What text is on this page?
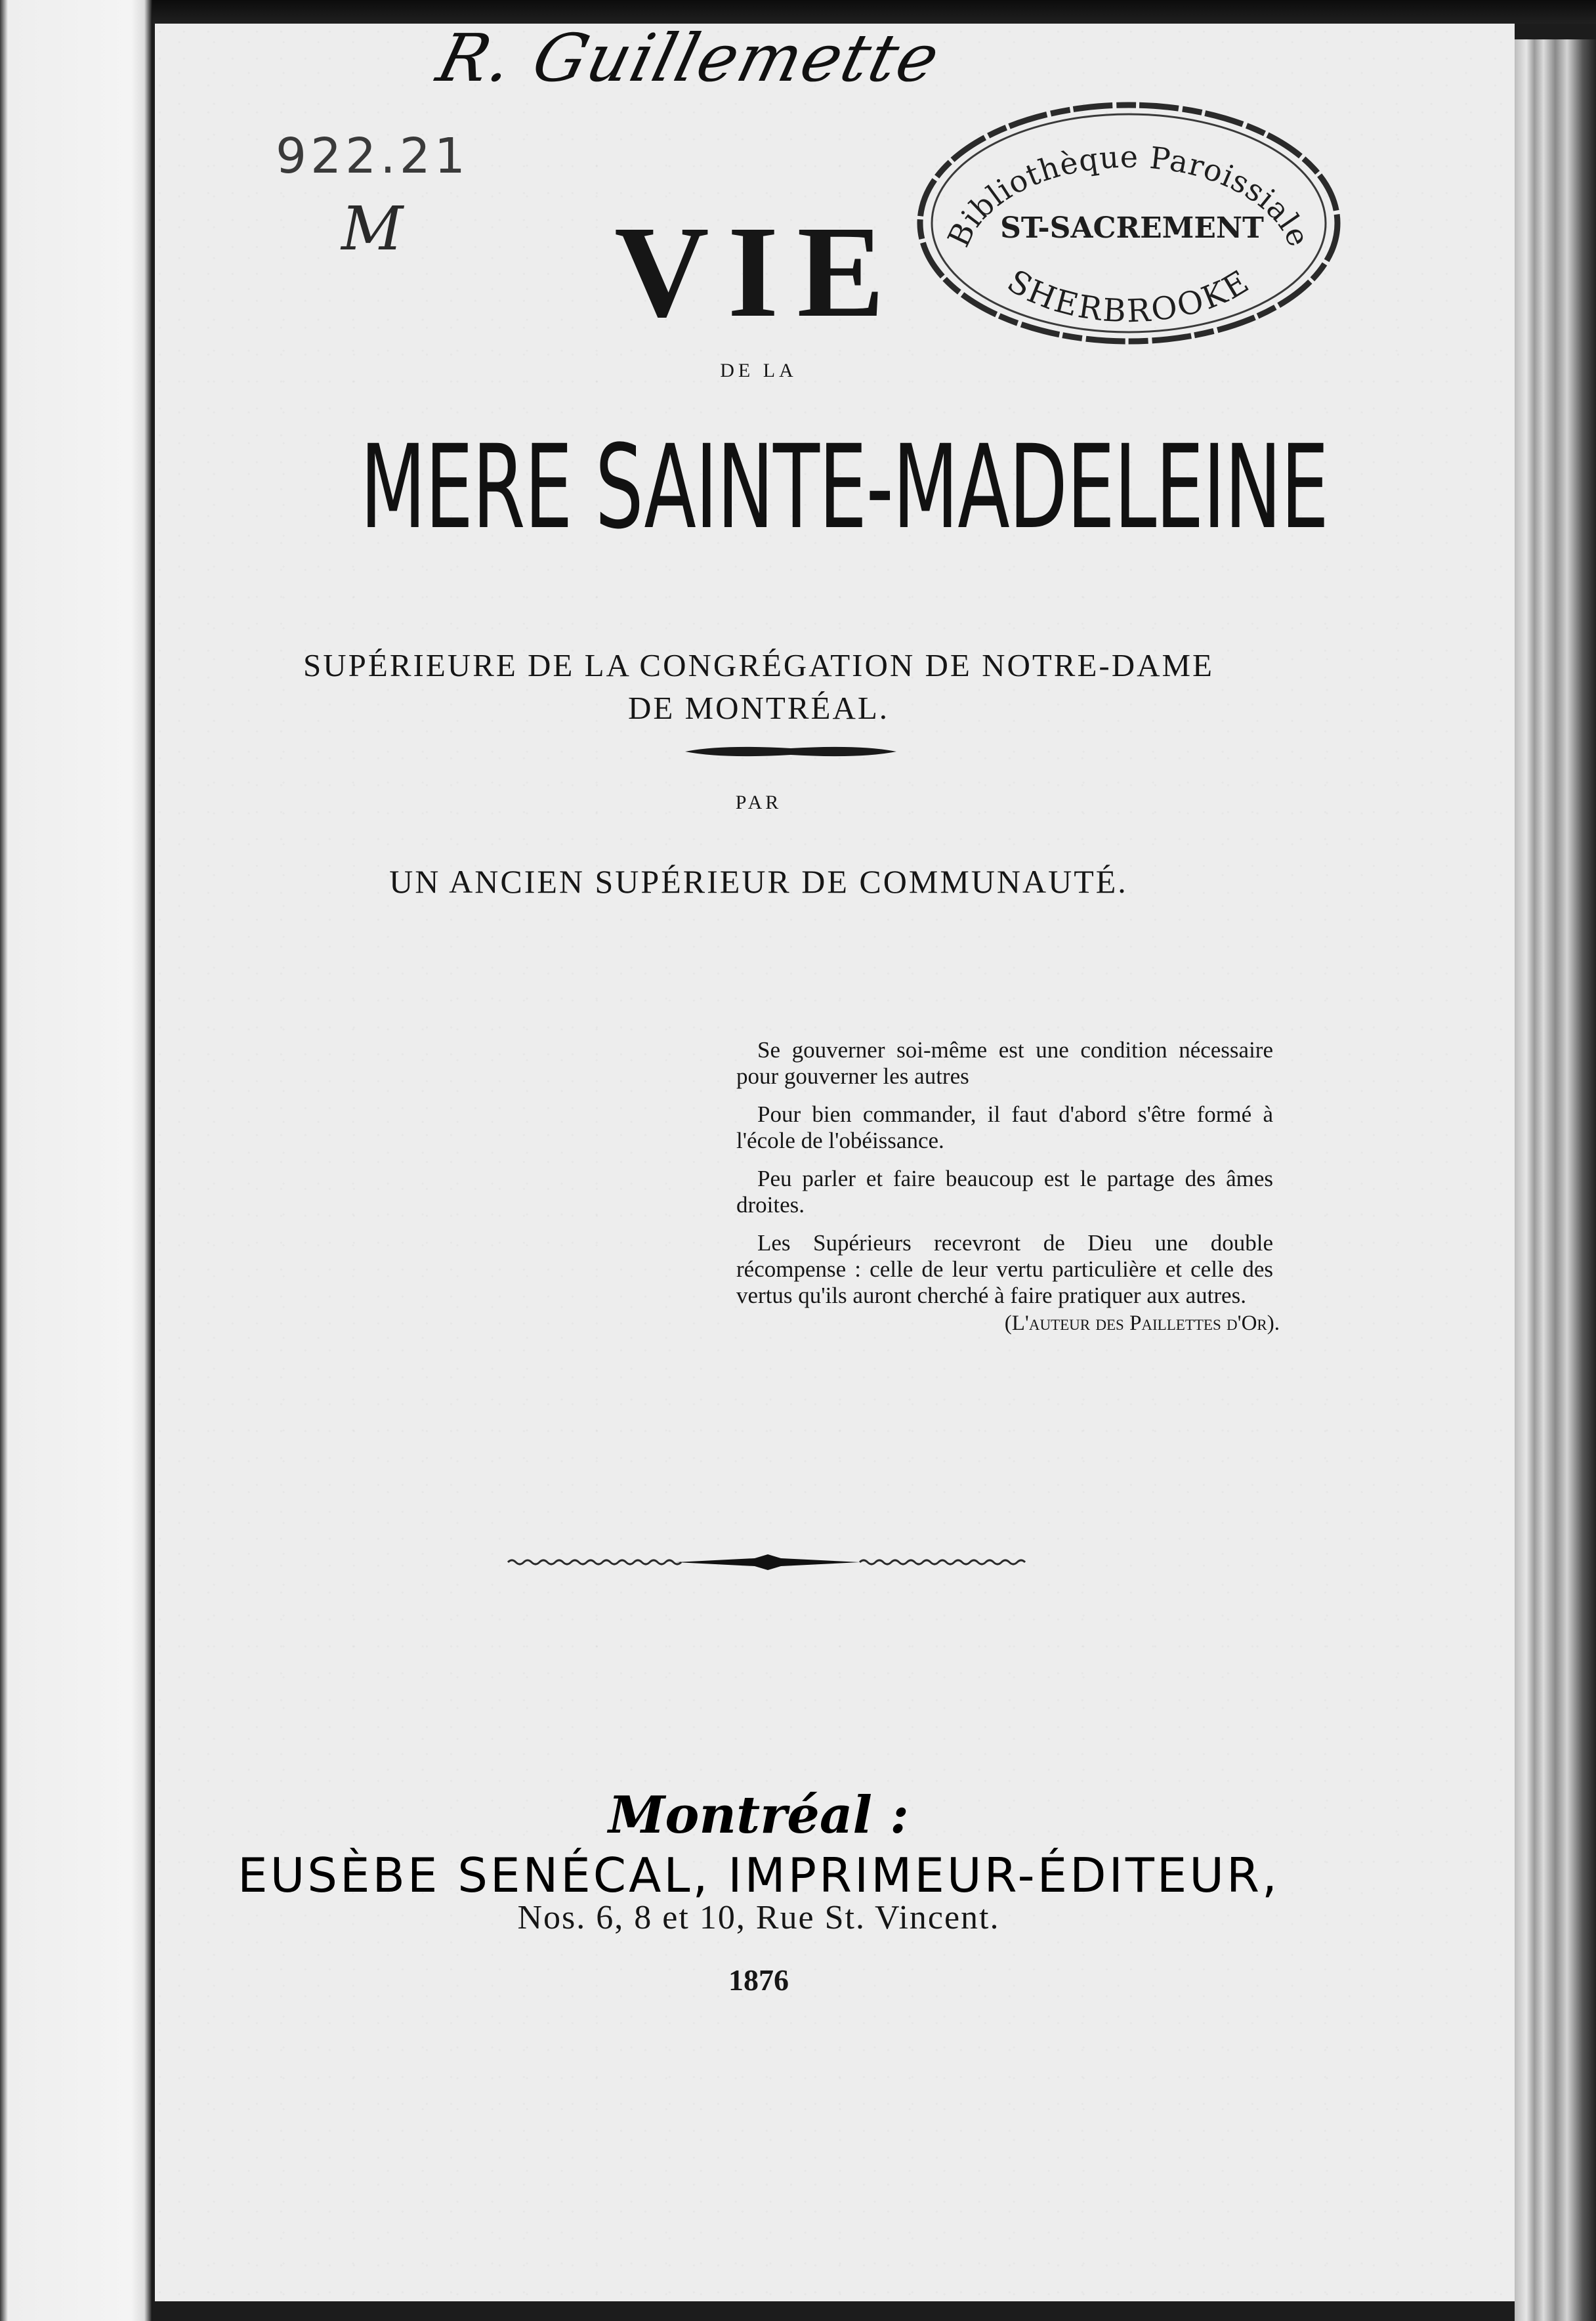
R. Guillemette
922.21
M	Bibliothèque Paroissiale
ST-SACREMENT
SHERBROOKE
VIE
DE LA
MERE SAINTE-MADELEINE
SUPÉRIEURE DE LA CONGRÉGATION DE NOTRE-DAME
DE MONTRÉAL.
PAR
UN ANCIEN SUPÉRIEUR DE COMMUNAUTÉ.

Se gouverner soi-même est une condition nécessaire pour gouverner les autres

Pour bien commander, il faut d'abord s'être formé à l'école de l'obéissance.

Peu parler et faire beaucoup est le partage des âmes droites.

Les Supérieurs recevront de Dieu une double récompense : celle de leur vertu particulière et celle des vertus qu'ils auront cherché à faire pratiquer aux autres.

(L'auteur des Paillettes d'Or).
Montréal :
EUSÈBE SENÉCAL, IMPRIMEUR-ÉDITEUR,
Nos. 6, 8 et 10, Rue St. Vincent.
1876
